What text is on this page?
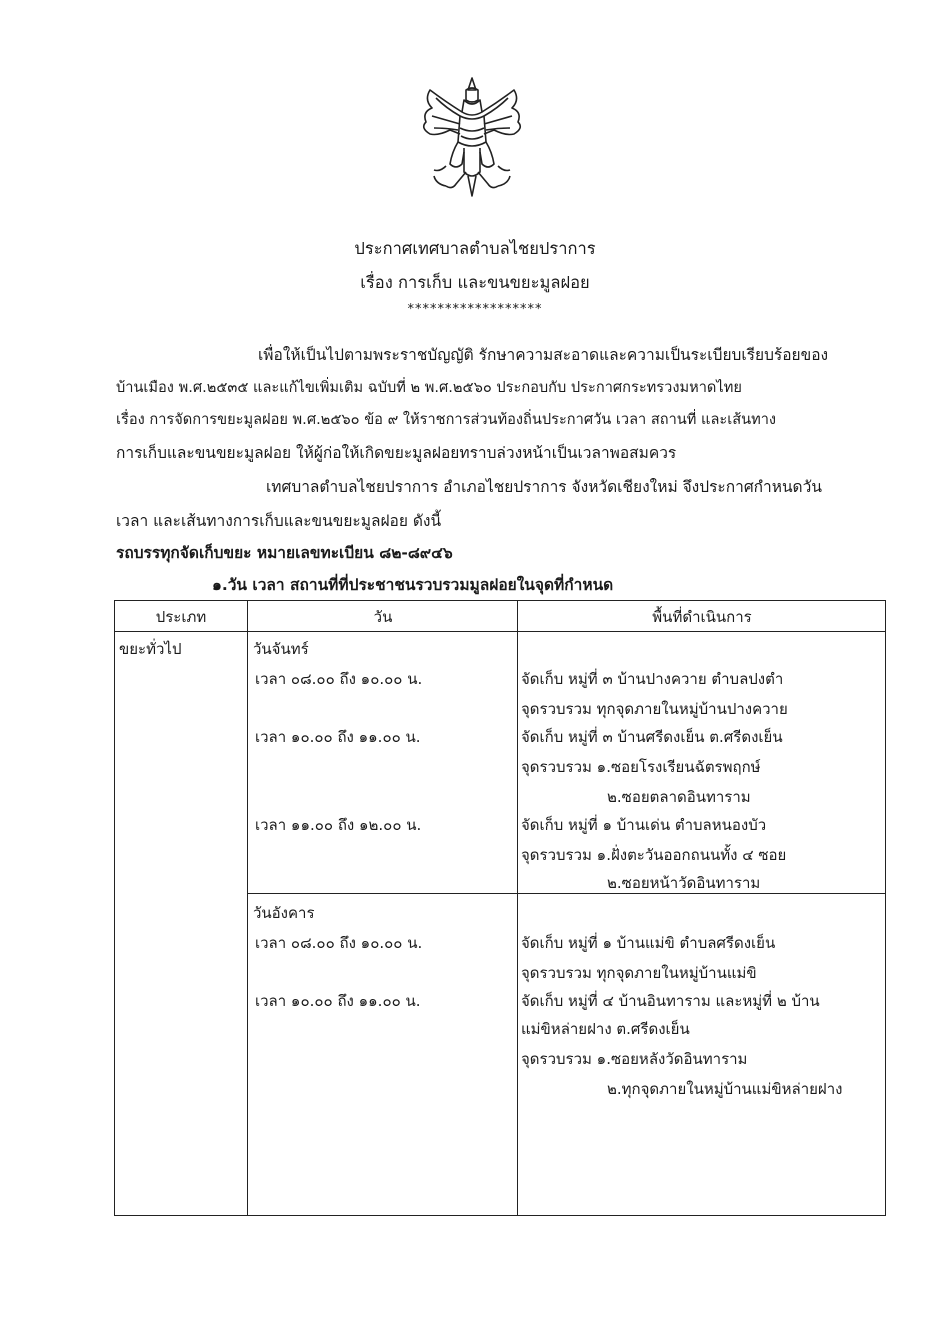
ประกาศเทศบาลตำบลไชยปราการ
เรื่อง การเก็บ และขนขยะมูลฝอย
******************
เพื่อให้เป็นไปตามพระราชบัญญัติ รักษาความสะอาดและความเป็นระเบียบเรียบร้อยของ
บ้านเมือง พ.ศ.๒๕๓๕ และแก้ไขเพิ่มเติม ฉบับที่ ๒ พ.ศ.๒๕๖๐ ประกอบกับ ประกาศกระทรวงมหาดไทย
เรื่อง การจัดการขยะมูลฝอย พ.ศ.๒๕๖๐ ข้อ ๙ ให้ราชการส่วนท้องถิ่นประกาศวัน เวลา สถานที่ และเส้นทาง
การเก็บและขนขยะมูลฝอย ให้ผู้ก่อให้เกิดขยะมูลฝอยทราบล่วงหน้าเป็นเวลาพอสมควร
เทศบาลตำบลไชยปราการ อำเภอไชยปราการ จังหวัดเชียงใหม่ จึงประกาศกำหนดวัน
เวลา และเส้นทางการเก็บและขนขยะมูลฝอย ดังนี้
รถบรรทุกจัดเก็บขยะ หมายเลขทะเบียน ๘๒-๘๙๔๖
๑.วัน เวลา สถานที่ที่ประชาชนรวบรวมมูลฝอยในจุดที่กำหนด
ประเภท	วัน	พื้นที่ดำเนินการ
ขยะทั่วไป	วันจันทร์
เวลา ๐๘.๐๐ ถึง ๑๐.๐๐ น.	จัดเก็บ หมู่ที่ ๓ บ้านปางควาย ตำบลปงตำ
จุดรวบรวม ทุกจุดภายในหมู่บ้านปางควาย
เวลา ๑๐.๐๐ ถึง ๑๑.๐๐ น.	จัดเก็บ หมู่ที่ ๓ บ้านศรีดงเย็น ต.ศรีดงเย็น
จุดรวบรวม ๑.ซอยโรงเรียนฉัตรพฤกษ์
๒.ซอยตลาดอินทาราม
เวลา ๑๑.๐๐ ถึง ๑๒.๐๐ น.	จัดเก็บ หมู่ที่ ๑ บ้านเด่น ตำบลหนองบัว
จุดรวบรวม ๑.ฝั่งตะวันออกถนนทั้ง ๔ ซอย
๒.ซอยหน้าวัดอินทาราม
วันอังคาร
เวลา ๐๘.๐๐ ถึง ๑๐.๐๐ น.	จัดเก็บ หมู่ที่ ๑ บ้านแม่ขิ ตำบลศรีดงเย็น
จุดรวบรวม ทุกจุดภายในหมู่บ้านแม่ขิ
เวลา ๑๐.๐๐ ถึง ๑๑.๐๐ น.	จัดเก็บ หมู่ที่ ๔ บ้านอินทาราม และหมู่ที่ ๒ บ้าน
แม่ขิหล่ายฝาง ต.ศรีดงเย็น
จุดรวบรวม ๑.ซอยหลังวัดอินทาราม
๒.ทุกจุดภายในหมู่บ้านแม่ขิหล่ายฝาง
